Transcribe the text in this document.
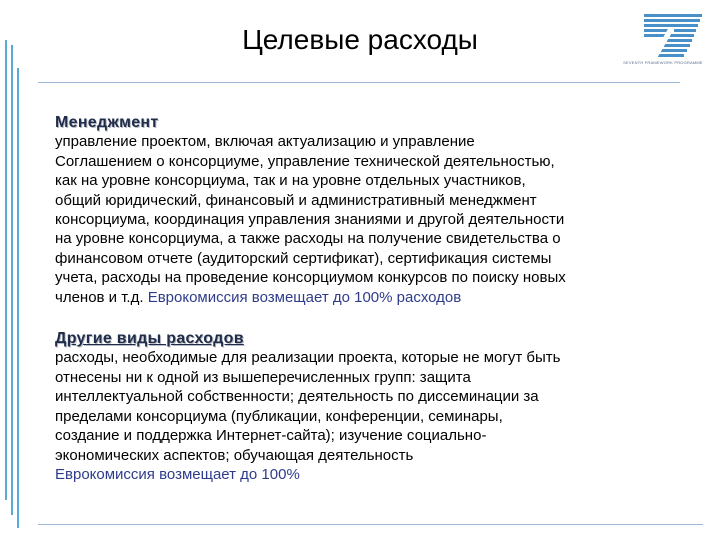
Целевые расходы
SEVENTH FRAMEWORK PROGRAMME

Менеджмент

управление проектом, включая актуализацию и управление
Соглашением о консорциуме, управление технической деятельностью,
как на уровне консорциума, так и на уровне отдельных участников,
общий юридический, финансовый и административный менеджмент
консорциума, координация управления знаниями и другой деятельности
на уровне консорциума, а также расходы на получение свидетельства о
финансовом отчете (аудиторский сертификат), сертификация системы
учета, расходы на проведение консорциумом конкурсов по поиску новых
членов и т.д. Еврокомиссия возмещает до 100% расходов

Другие виды расходов

расходы, необходимые для реализации проекта, которые не могут быть
отнесены ни к одной из вышеперечисленных групп: защита
интеллектуальной собственности; деятельность по диссеминации за
пределами консорциума (публикации, конференции, семинары,
создание и поддержка Интернет-сайта); изучение социально-
экономических аспектов; обучающая деятельность
Еврокомиссия возмещает до 100%
